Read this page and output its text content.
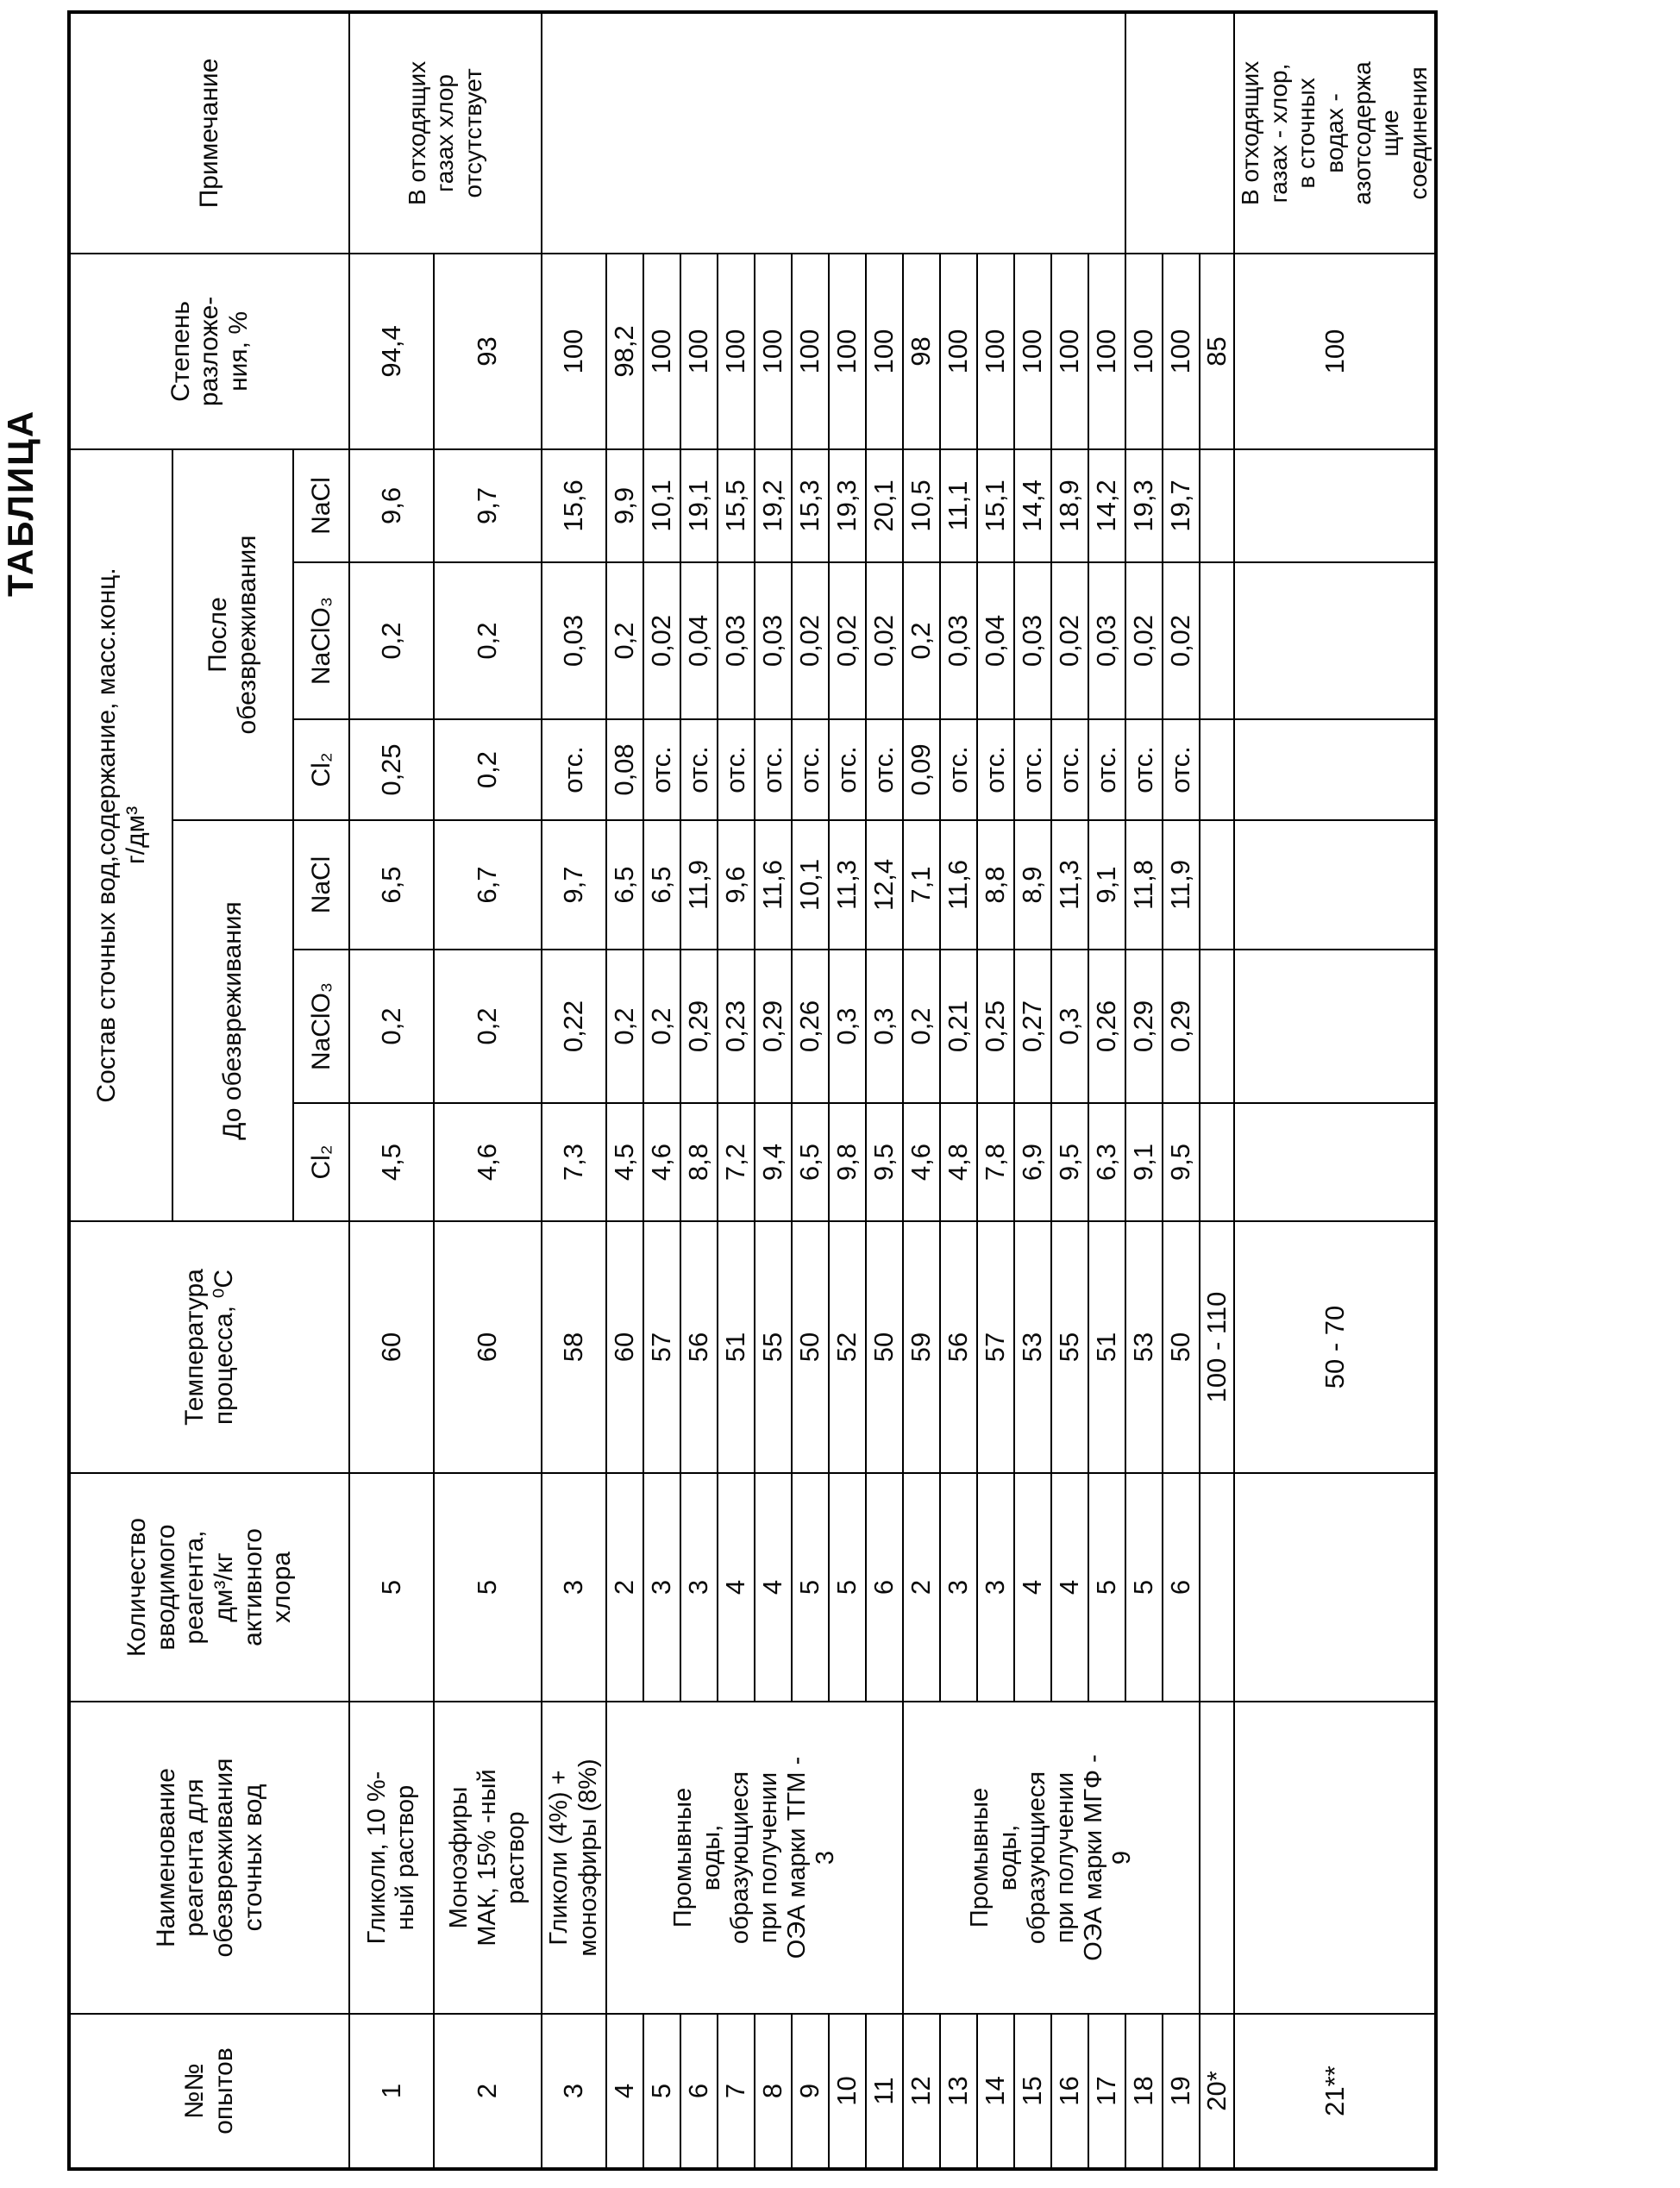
ТАБЛИЦА
№№
опытов	Наименование
реагента для
обезвреживания
сточных вод	Количество
вводимого
реагента,
дм³/кг
активного
хлора	Температура
процесса, ⁰С	Состав сточных вод,содержание, масс.конц.
г/дм³	Степень
разложе-
ния, %	Примечание
				До обезвреживания			После
обезвреживания				
				Cl₂	NaClO₃	NaCl	Cl₂	NaClO₃	NaCl		
1	Гликоли, 10 %-
ный раствор	5	60	4,5	0,2	6,5	0,25	0,2	9,6	94,4	В отходящих
газах хлор
отсутствует
2	Моноэфиры
МАК, 15% -ный
раствор	5	60	4,6	0,2	6,7	0,2	0,2	9,7	93	
3	Гликоли (4%) +
моноэфиры (8%)	3	58	7,3	0,22	9,7	отс.	0,03	15,6	100	
4	Промывные
воды,
образующиеся
при получении
ОЭА марки ТГМ -
3	2	60	4,5	0,2	6,5	0,08	0,2	9,9	98,2
5		3	57	4,6	0,2	6,5	отс.	0,02	10,1	100	
6		3	56	8,8	0,29	11,9	отс.	0,04	19,1	100	
7		4	51	7,2	0,23	9,6	отс.	0,03	15,5	100	
8		4	55	9,4	0,29	11,6	отс.	0,03	19,2	100	
9		5	50	6,5	0,26	10,1	отс.	0,02	15,3	100	
10		5	52	9,8	0,3	11,3	отс.	0,02	19,3	100	
11		6	50	9,5	0,3	12,4	отс.	0,02	20,1	100	
12	Промывные
воды,
образующиеся
при получении
ОЭА марки МГФ -
9	2	59	4,6	0,2	7,1	0,09	0,2	10,5	98
13		3	56	4,8	0,21	11,6	отс.	0,03	11,1	100	
14		3	57	7,8	0,25	8,8	отс.	0,04	15,1	100	
15		4	53	6,9	0,27	8,9	отс.	0,03	14,4	100	
16		4	55	9,5	0,3	11,3	отс.	0,02	18,9	100	
17		5	51	6,3	0,26	9,1	отс.	0,03	14,2	100	
18		5	53	9,1	0,29	11,8	отс.	0,02	19,3	100	
19		6	50	9,5	0,29	11,9	отс.	0,02	19,7	100	
20*			100 - 110							85	
21**			50 - 70							100	В отходящих
газах - хлор,
в сточных
водах -
азотсодержа
щие
соединения
